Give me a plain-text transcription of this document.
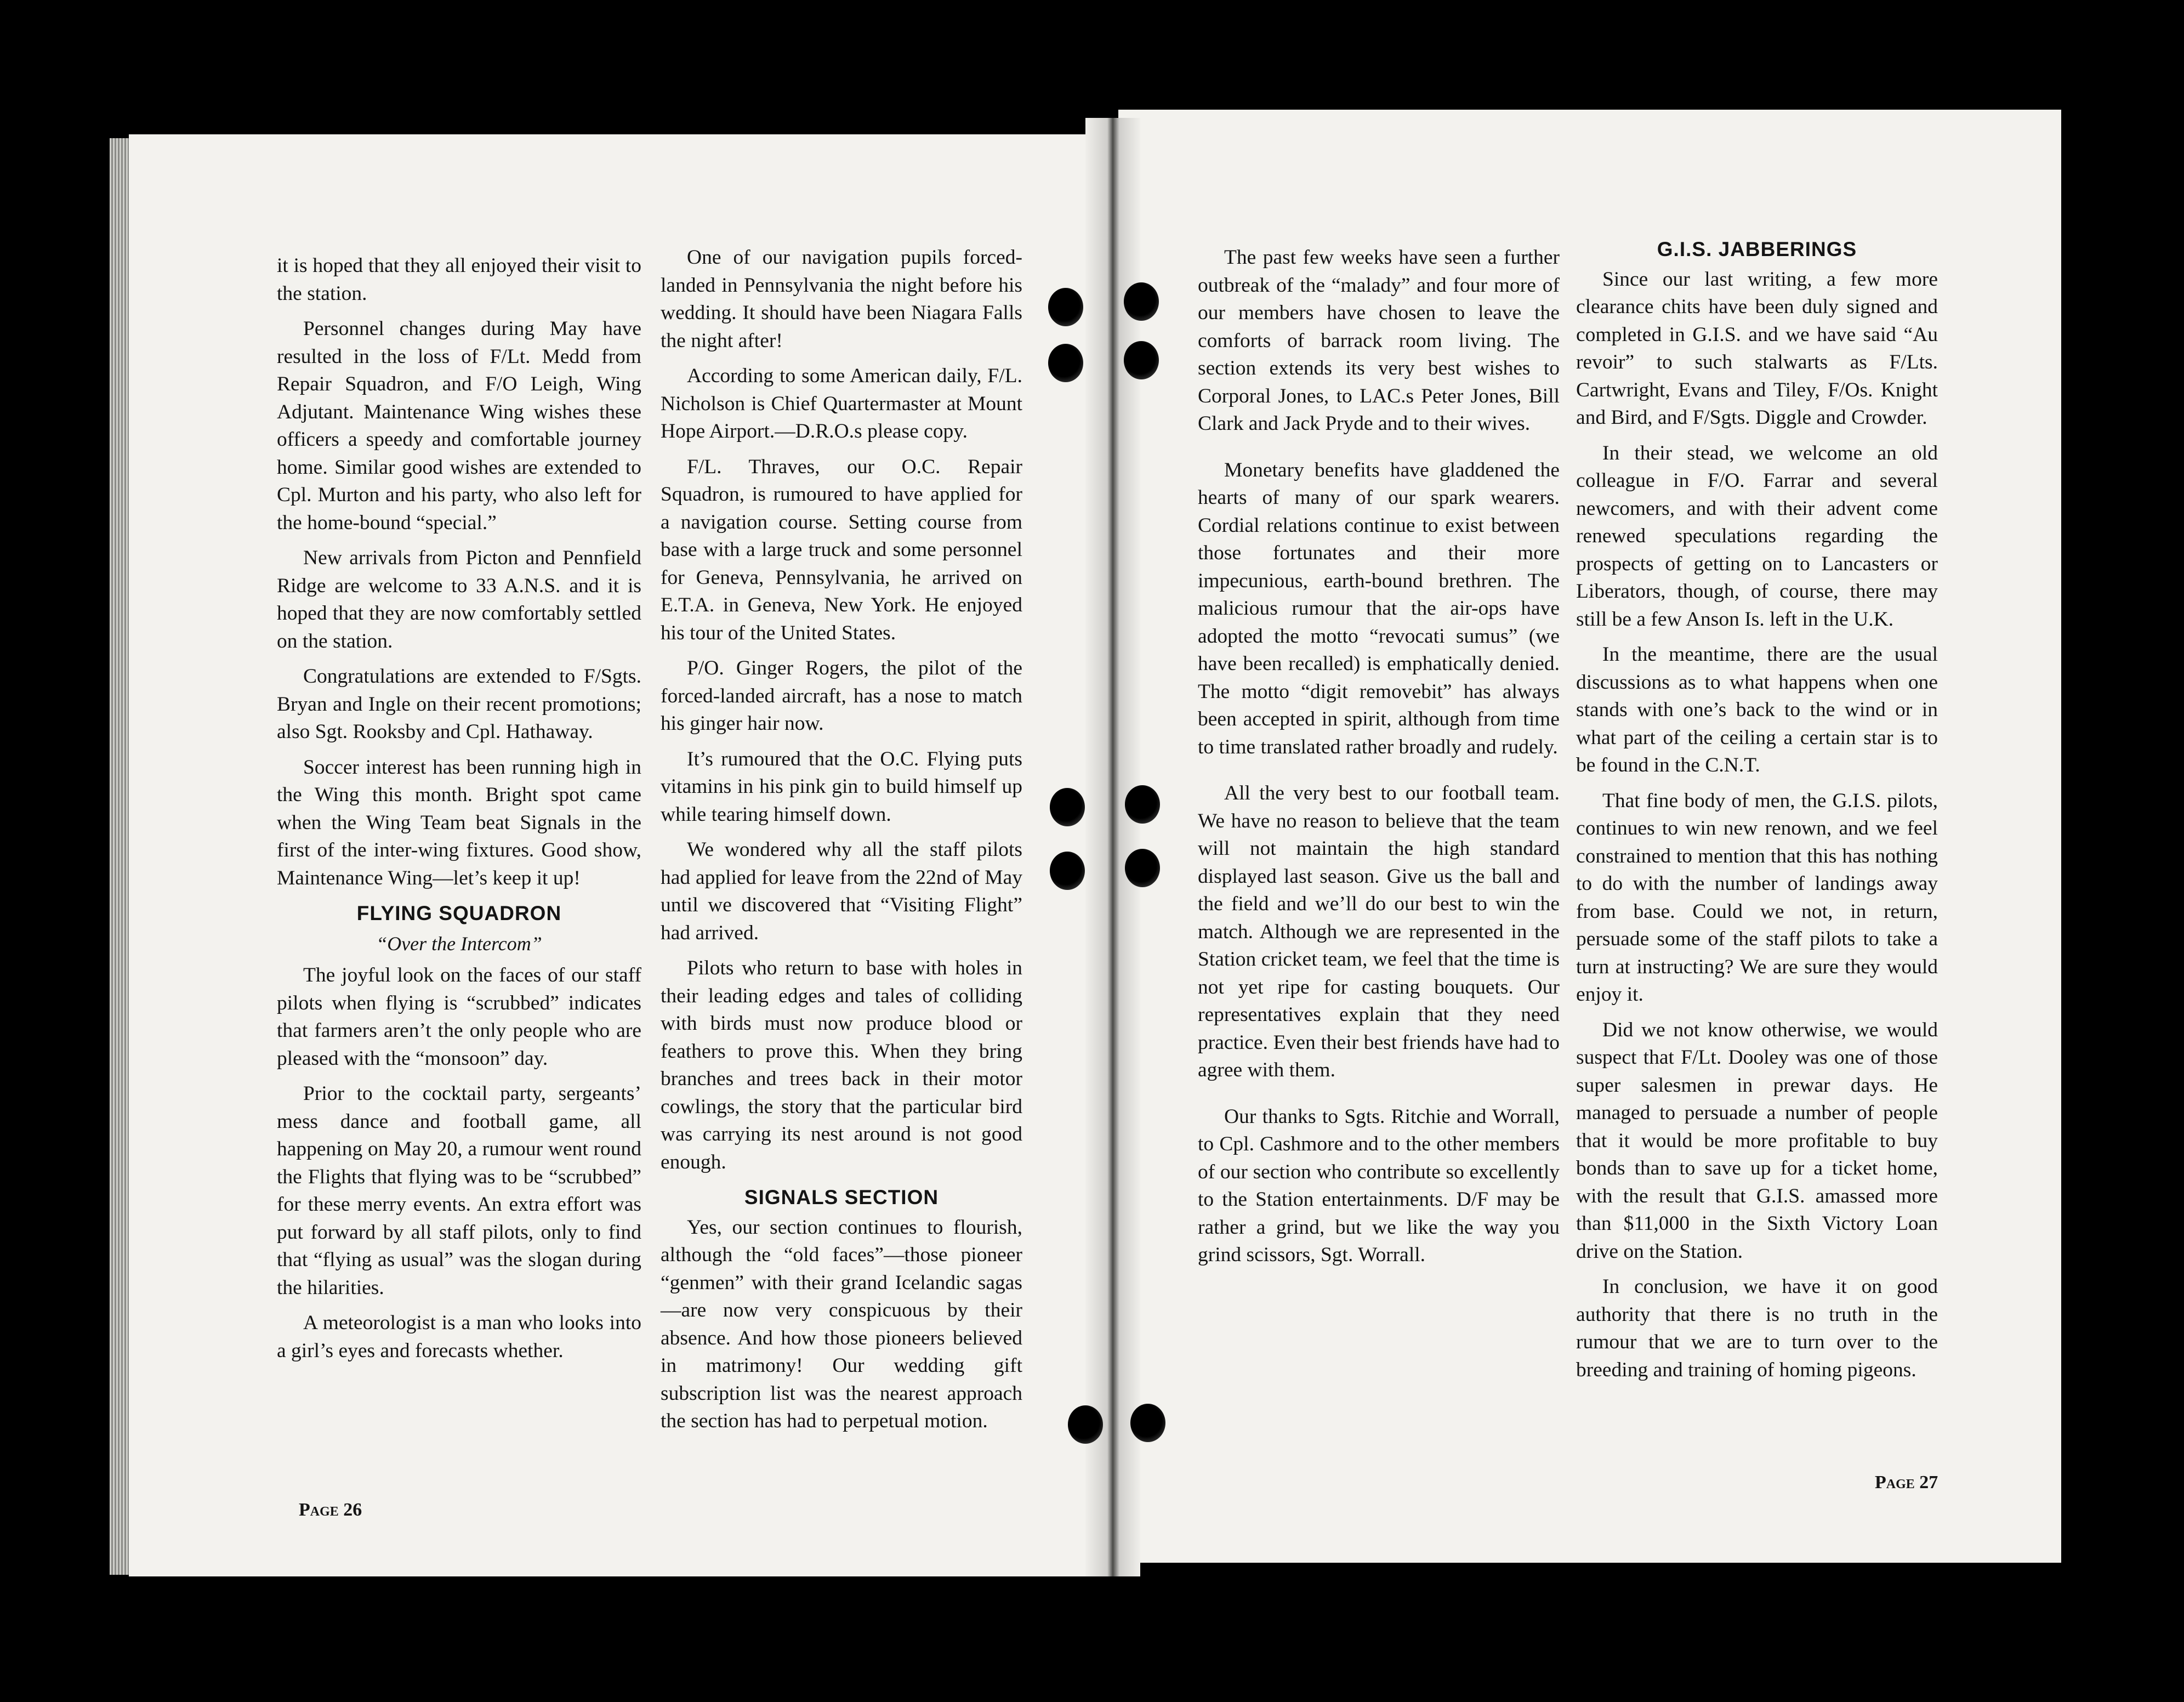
it is hoped that they all enjoyed their visit to the station.

Personnel changes during May have resulted in the loss of F/Lt. Medd from Repair Squadron, and F/O Leigh, Wing Adjutant. Maintenance Wing wishes these officers a speedy and comfortable journey home. Similar good wishes are extended to Cpl. Murton and his party, who also left for the home-bound “special.”

New arrivals from Picton and Pennfield Ridge are welcome to 33 A.N.S. and it is hoped that they are now comfortably settled on the station.

Congratulations are extended to F/Sgts. Bryan and Ingle on their recent promotions; also Sgt. Rooksby and Cpl. Hathaway.

Soccer interest has been running high in the Wing this month. Bright spot came when the Wing Team beat Signals in the first of the inter-wing fixtures. Good show, Maintenance Wing—let’s keep it up!

FLYING SQUADRON
“Over the Intercom”

The joyful look on the faces of our staff pilots when flying is “scrubbed” indicates that farmers aren’t the only people who are pleased with the “monsoon” day.

Prior to the cocktail party, sergeants’ mess dance and football game, all happening on May 20, a rumour went round the Flights that flying was to be “scrubbed” for these merry events. An extra effort was put forward by all staff pilots, only to find that “flying as usual” was the slogan during the hilarities.

A meteorologist is a man who looks into a girl’s eyes and forecasts whether.

One of our navigation pupils forced-landed in Pennsylvania the night before his wedding. It should have been Niagara Falls the night after!

According to some American daily, F/L. Nicholson is Chief Quartermaster at Mount Hope Airport.—D.R.O.s please copy.

F/L. Thraves, our O.C. Repair Squadron, is rumoured to have applied for a navigation course. Setting course from base with a large truck and some personnel for Geneva, Pennsylvania, he arrived on E.T.A. in Geneva, New York. He enjoyed his tour of the United States.

P/O. Ginger Rogers, the pilot of the forced-landed aircraft, has a nose to match his ginger hair now.

It’s rumoured that the O.C. Flying puts vitamins in his pink gin to build himself up while tearing himself down.

We wondered why all the staff pilots had applied for leave from the 22nd of May until we discovered that “Visiting Flight” had arrived.

Pilots who return to base with holes in their leading edges and tales of colliding with birds must now produce blood or feathers to prove this. When they bring branches and trees back in their motor cowlings, the story that the particular bird was carrying its nest around is not good enough.

SIGNALS SECTION

Yes, our section continues to flourish, although the “old faces”—those pioneer “genmen” with their grand Icelandic sagas—are now very conspicuous by their absence. And how those pioneers believed in matrimony! Our wedding gift subscription list was the nearest approach the section has had to perpetual motion.

Page 26

The past few weeks have seen a further outbreak of the “malady” and four more of our members have chosen to leave the comforts of barrack room living. The section extends its very best wishes to Corporal Jones, to LAC.s Peter Jones, Bill Clark and Jack Pryde and to their wives.

Monetary benefits have gladdened the hearts of many of our spark wearers. Cordial relations continue to exist between those fortunates and their more impecunious, earth-bound brethren. The malicious rumour that the air-ops have adopted the motto “revocati sumus” (we have been recalled) is emphatically denied. The motto “digit removebit” has always been accepted in spirit, although from time to time translated rather broadly and rudely.

All the very best to our football team. We have no reason to believe that the team will not maintain the high standard displayed last season. Give us the ball and the field and we’ll do our best to win the match. Although we are represented in the Station cricket team, we feel that the time is not yet ripe for casting bouquets. Our representatives explain that they need practice. Even their best friends have had to agree with them.

Our thanks to Sgts. Ritchie and Worrall, to Cpl. Cashmore and to the other members of our section who contribute so excellently to the Station entertainments. D/F may be rather a grind, but we like the way you grind scissors, Sgt. Worrall.

G.I.S. JABBERINGS

Since our last writing, a few more clearance chits have been duly signed and completed in G.I.S. and we have said “Au revoir” to such stalwarts as F/Lts. Cartwright, Evans and Tiley, F/Os. Knight and Bird, and F/Sgts. Diggle and Crowder.

In their stead, we welcome an old colleague in F/O. Farrar and several newcomers, and with their advent come renewed speculations regarding the prospects of getting on to Lancasters or Liberators, though, of course, there may still be a few Anson Is. left in the U.K.

In the meantime, there are the usual discussions as to what happens when one stands with one’s back to the wind or in what part of the ceiling a certain star is to be found in the C.N.T.

That fine body of men, the G.I.S. pilots, continues to win new renown, and we feel constrained to mention that this has nothing to do with the number of landings away from base. Could we not, in return, persuade some of the staff pilots to take a turn at instructing? We are sure they would enjoy it.

Did we not know otherwise, we would suspect that F/Lt. Dooley was one of those super salesmen in prewar days. He managed to persuade a number of people that it would be more profitable to buy bonds than to save up for a ticket home, with the result that G.I.S. amassed more than $11,000 in the Sixth Victory Loan drive on the Station.

In conclusion, we have it on good authority that there is no truth in the rumour that we are to turn over to the breeding and training of homing pigeons.

Page 27
